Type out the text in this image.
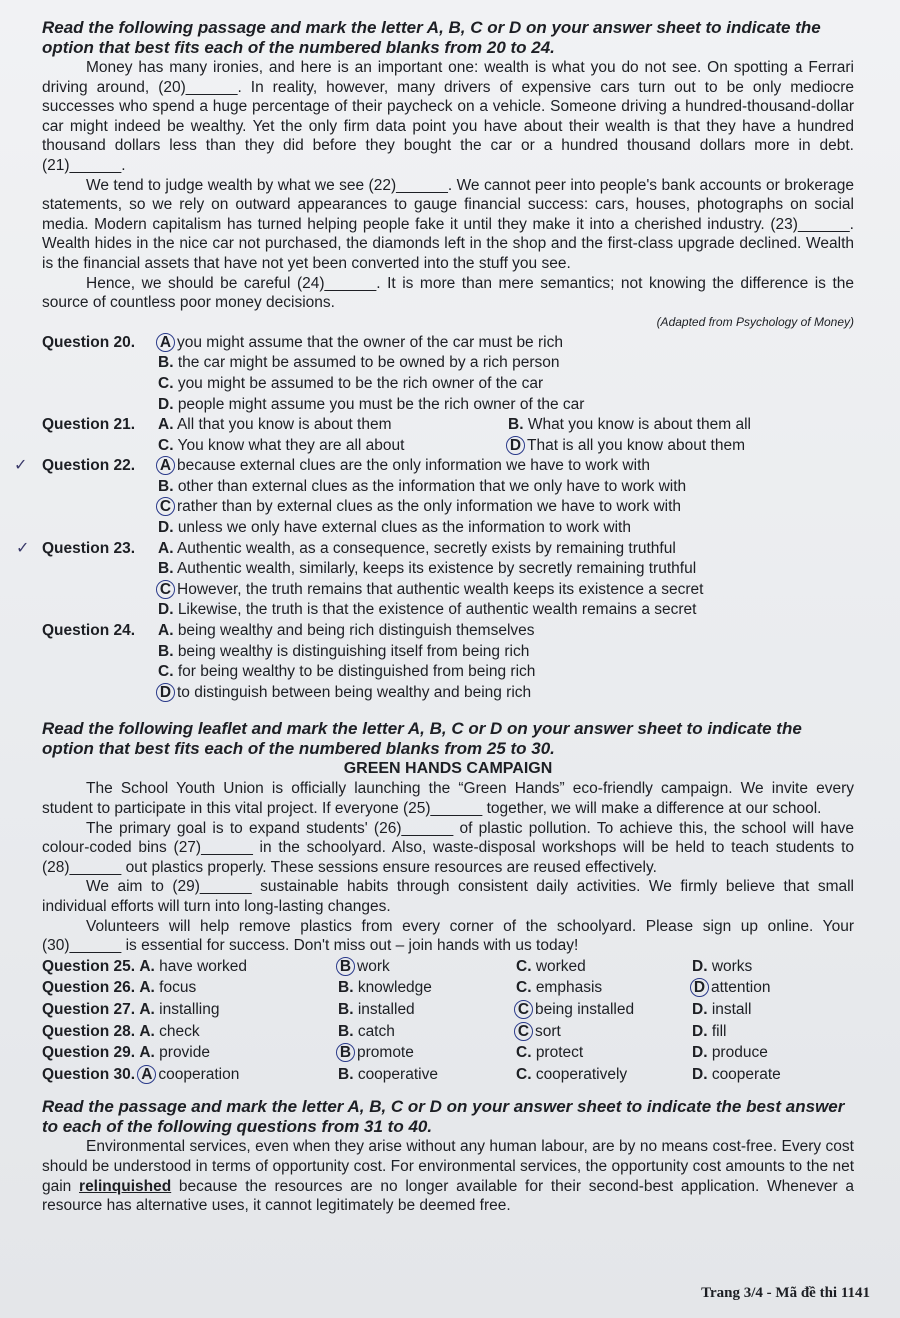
Read the following passage and mark the letter A, B, C or D on your answer sheet to indicate the option that best fits each of the numbered blanks from 20 to 24.

Money has many ironies, and here is an important one: wealth is what you do not see. On spotting a Ferrari driving around, (20)______. In reality, however, many drivers of expensive cars turn out to be only mediocre successes who spend a huge percentage of their paycheck on a vehicle. Someone driving a hundred-thousand-dollar car might indeed be wealthy. Yet the only firm data point you have about their wealth is that they have a hundred thousand dollars less than they did before they bought the car or a hundred thousand dollars more in debt. (21)______.

We tend to judge wealth by what we see (22)______. We cannot peer into people's bank accounts or brokerage statements, so we rely on outward appearances to gauge financial success: cars, houses, photographs on social media. Modern capitalism has turned helping people fake it until they make it into a cherished industry. (23)______. Wealth hides in the nice car not purchased, the diamonds left in the shop and the first-class upgrade declined. Wealth is the financial assets that have not yet been converted into the stuff you see.

Hence, we should be careful (24)______. It is more than mere semantics; not knowing the difference is the source of countless poor money decisions.

(Adapted from Psychology of Money)

Question 20.	A you might assume that the owner of the car must be rich
B. the car might be assumed to be owned by a rich person
C. you might be assumed to be the rich owner of the car
D. people might assume you must be the rich owner of the car
Question 21.	A. All that you know is about them	B. What you know is about them all
C. You know what they are all about	D That is all you know about them
✓ Question 22.	A because external clues are the only information we have to work with
B. other than external clues as the information that we only have to work with
C rather than by external clues as the only information we have to work with
D. unless we only have external clues as the information to work with
✓ Question 23.	A. Authentic wealth, as a consequence, secretly exists by remaining truthful
B. Authentic wealth, similarly, keeps its existence by secretly remaining truthful
C However, the truth remains that authentic wealth keeps its existence a secret
D. Likewise, the truth is that the existence of authentic wealth remains a secret
Question 24.	A. being wealthy and being rich distinguish themselves
B. being wealthy is distinguishing itself from being rich
C. for being wealthy to be distinguished from being rich
D to distinguish between being wealthy and being rich

Read the following leaflet and mark the letter A, B, C or D on your answer sheet to indicate the option that best fits each of the numbered blanks from 25 to 30.

GREEN HANDS CAMPAIGN

The School Youth Union is officially launching the “Green Hands” eco-friendly campaign. We invite every student to participate in this vital project. If everyone (25)______ together, we will make a difference at our school.

The primary goal is to expand students' (26)______ of plastic pollution. To achieve this, the school will have colour-coded bins (27)______ in the schoolyard. Also, waste-disposal workshops will be held to teach students to (28)______ out plastics properly. These sessions ensure resources are reused effectively.

We aim to (29)______ sustainable habits through consistent daily activities. We firmly believe that small individual efforts will turn into long-lasting changes.

Volunteers will help remove plastics from every corner of the schoolyard. Please sign up online. Your (30)______ is essential for success. Don't miss out – join hands with us today!

Question 25. A. have worked	B work	C. worked	D. works
Question 26. A. focus	B. knowledge	C. emphasis	D attention
Question 27. A. installing	B. installed	C being installed	D. install
Question 28. A. check	B. catch	C sort	D. fill
Question 29. A. provide	B promote	C. protect	D. produce
Question 30. A cooperation	B. cooperative	C. cooperatively	D. cooperate

Read the passage and mark the letter A, B, C or D on your answer sheet to indicate the best answer to each of the following questions from 31 to 40.

Environmental services, even when they arise without any human labour, are by no means cost-free. Every cost should be understood in terms of opportunity cost. For environmental services, the opportunity cost amounts to the net gain relinquished because the resources are no longer available for their second-best application. Whenever a resource has alternative uses, it cannot legitimately be deemed free.

Trang 3/4 - Mã đề thi 1141
